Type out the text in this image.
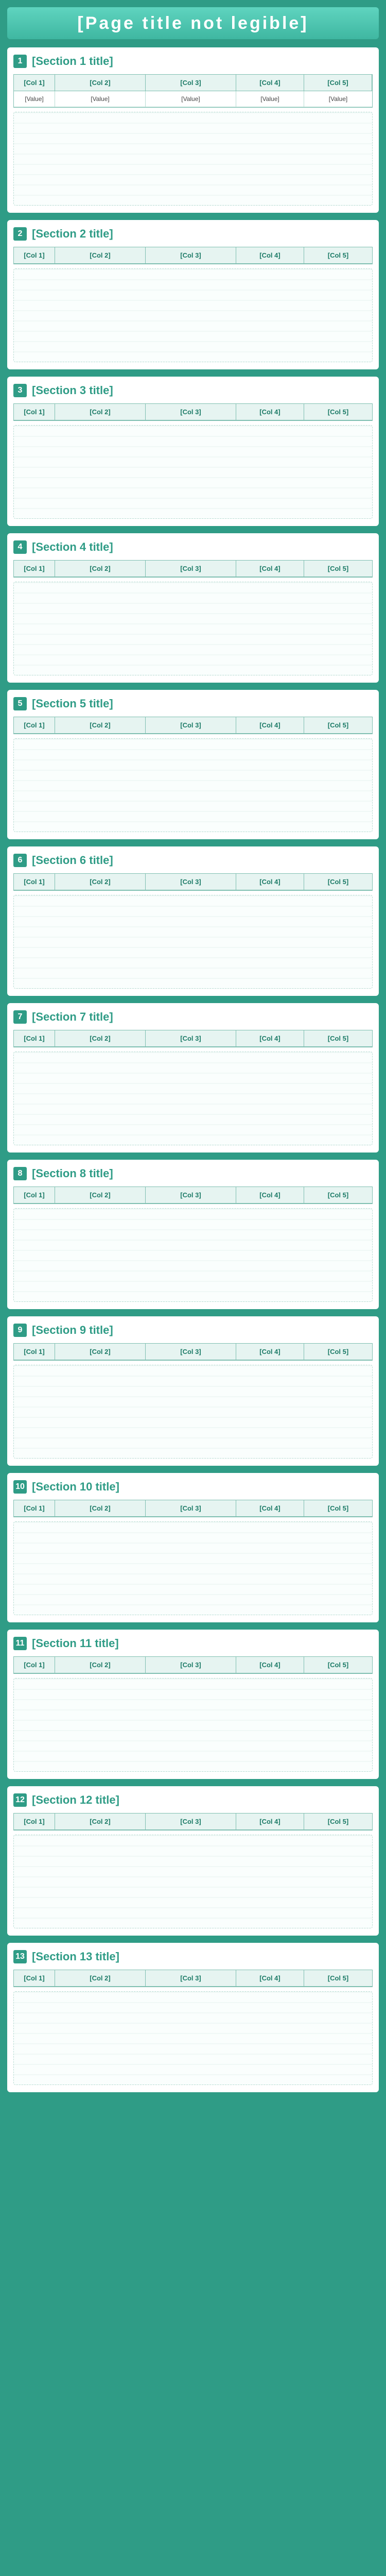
[Page title not legible]
1 [Section 1 title]
[Col 1]	[Col 2]	[Col 3]	[Col 4]	[Col 5]
[Value]	[Value]	[Value]	[Value]	[Value]
2 [Section 2 title]
[Col 1]	[Col 2]	[Col 3]	[Col 4]	[Col 5]
3 [Section 3 title]
[Col 1]	[Col 2]	[Col 3]	[Col 4]	[Col 5]
4 [Section 4 title]
[Col 1]	[Col 2]	[Col 3]	[Col 4]	[Col 5]
5 [Section 5 title]
[Col 1]	[Col 2]	[Col 3]	[Col 4]	[Col 5]
6 [Section 6 title]
[Col 1]	[Col 2]	[Col 3]	[Col 4]	[Col 5]
7 [Section 7 title]
[Col 1]	[Col 2]	[Col 3]	[Col 4]	[Col 5]
8 [Section 8 title]
[Col 1]	[Col 2]	[Col 3]	[Col 4]	[Col 5]
9 [Section 9 title]
[Col 1]	[Col 2]	[Col 3]	[Col 4]	[Col 5]
10 [Section 10 title]
[Col 1]	[Col 2]	[Col 3]	[Col 4]	[Col 5]
11 [Section 11 title]
[Col 1]	[Col 2]	[Col 3]	[Col 4]	[Col 5]
12 [Section 12 title]
[Col 1]	[Col 2]	[Col 3]	[Col 4]	[Col 5]
13 [Section 13 title]
[Col 1]	[Col 2]	[Col 3]	[Col 4]	[Col 5]
